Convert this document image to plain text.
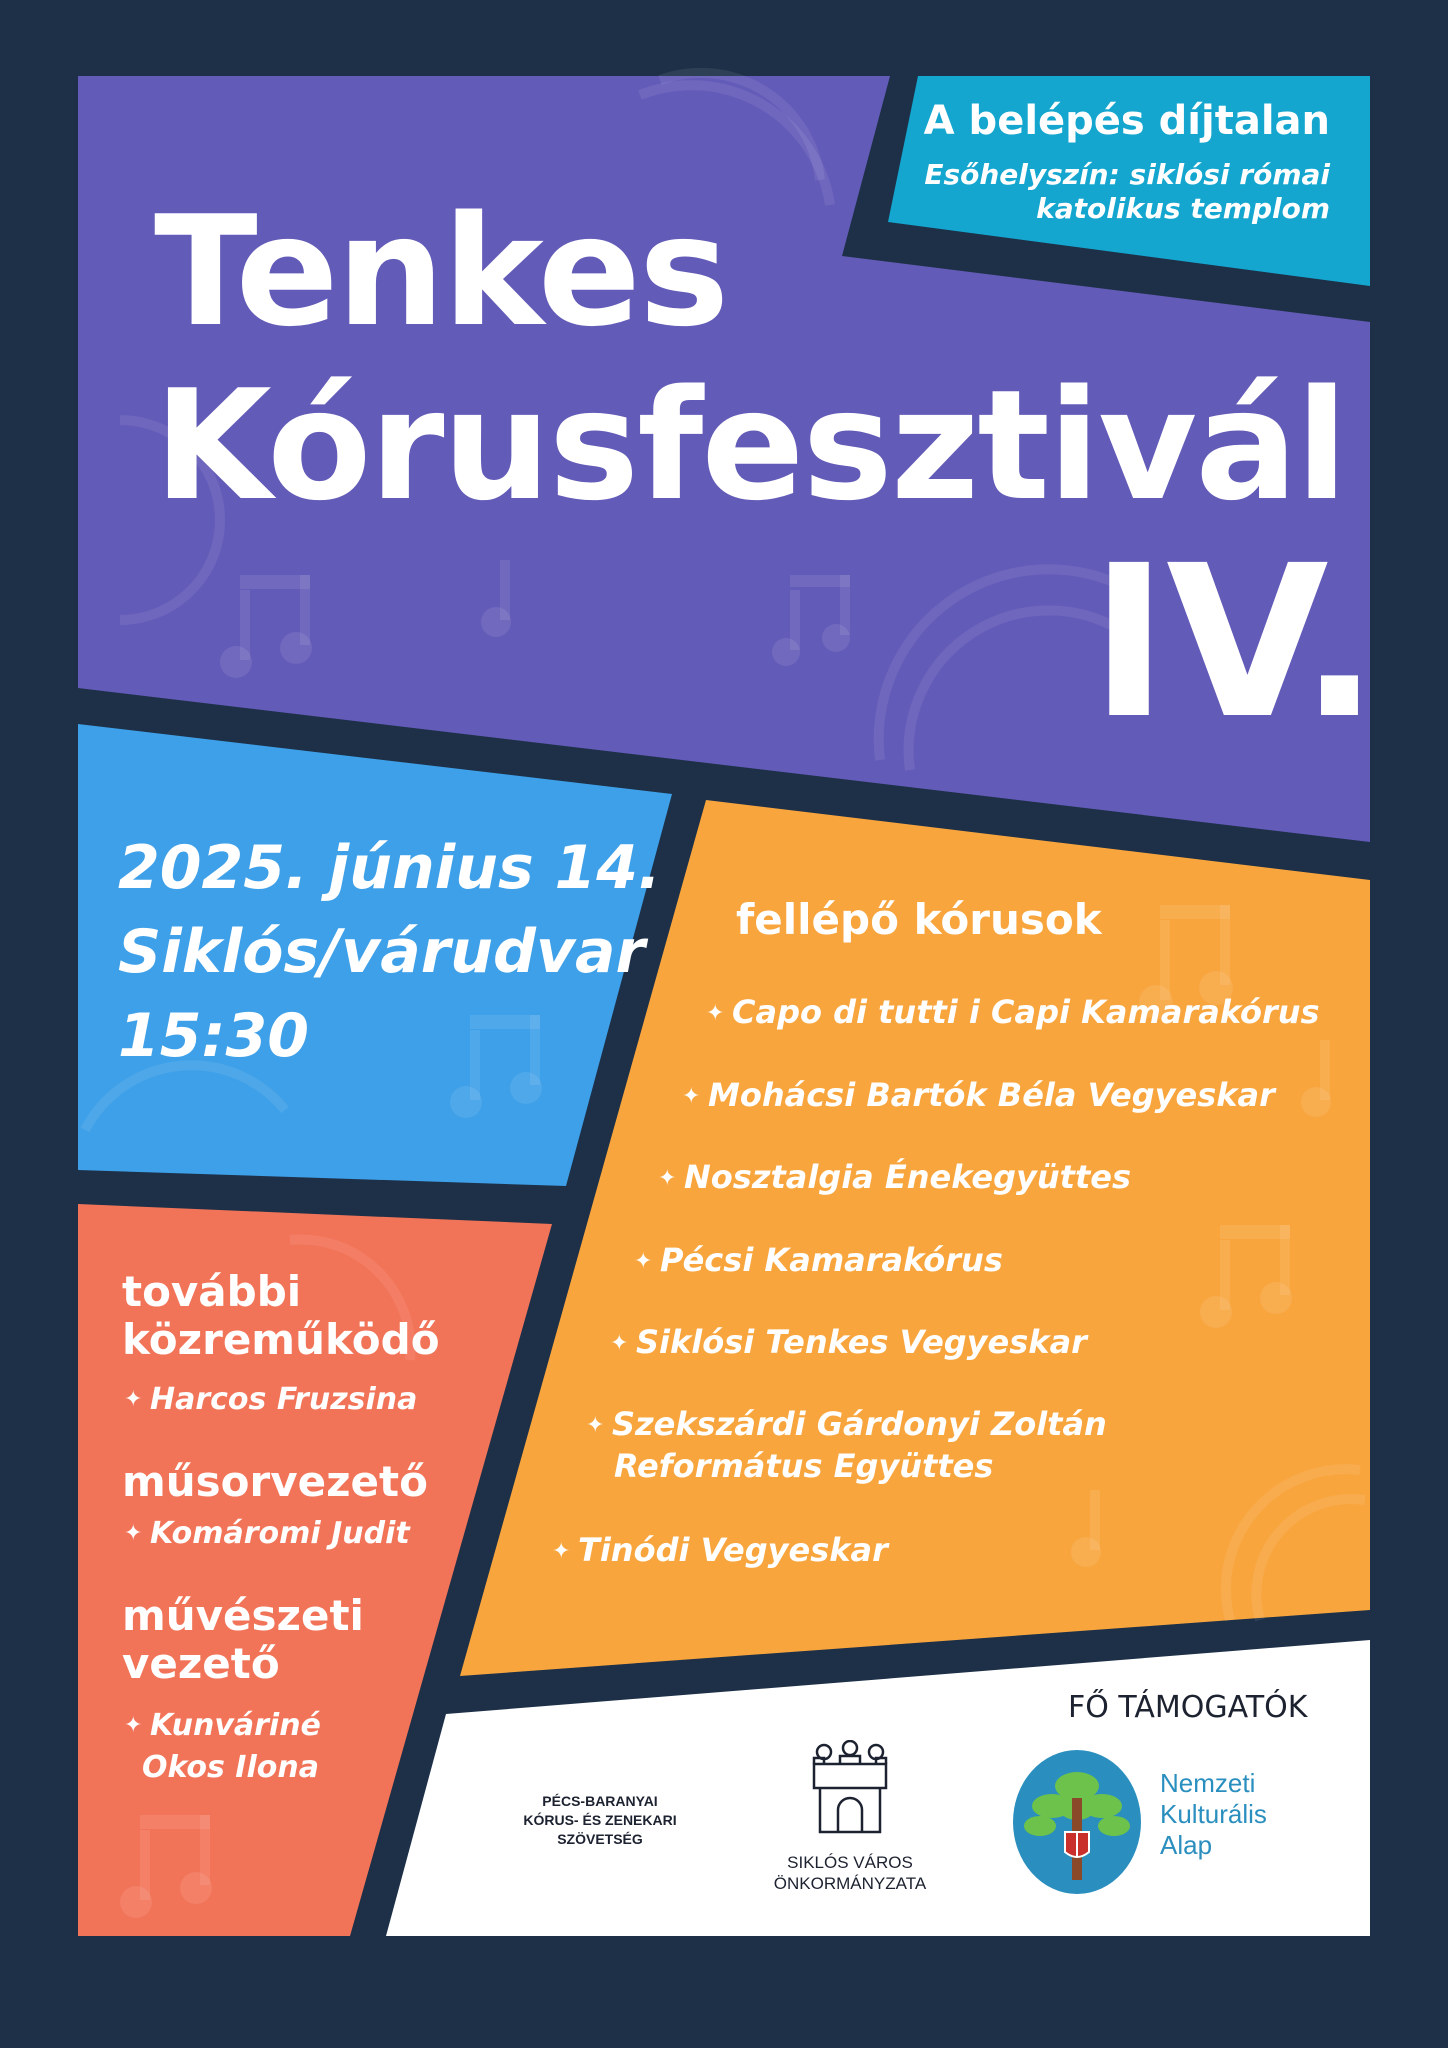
Tenkes
Kórusfesztivál
IV.
A belépés díjtalan
Esőhelyszín: siklósi római
katolikus templom
2025. június 14.
Siklós/várudvar
15:30
fellépő kórusok
✦ Capo di tutti i Capi Kamarakórus
✦ Mohácsi Bartók Béla Vegyeskar
✦ Nosztalgia Énekegyüttes
✦ Pécsi Kamarakórus
✦ Siklósi Tenkes Vegyeskar
✦ Szekszárdi Gárdonyi Zoltán
Református Együttes
✦ Tinódi Vegyeskar
további
közreműködő
✦ Harcos Fruzsina
műsorvezető
✦ Komáromi Judit
művészeti
vezető
✦ Kunváriné
Okos Ilona
FŐ TÁMOGATÓK
PÉCS-BARANYAI
KÓRUS- ÉS ZENEKARI
SZÖVETSÉG
SIKLÓS VÁROS
ÖNKORMÁNYZATA
Nemzeti
Kulturális
Alap
